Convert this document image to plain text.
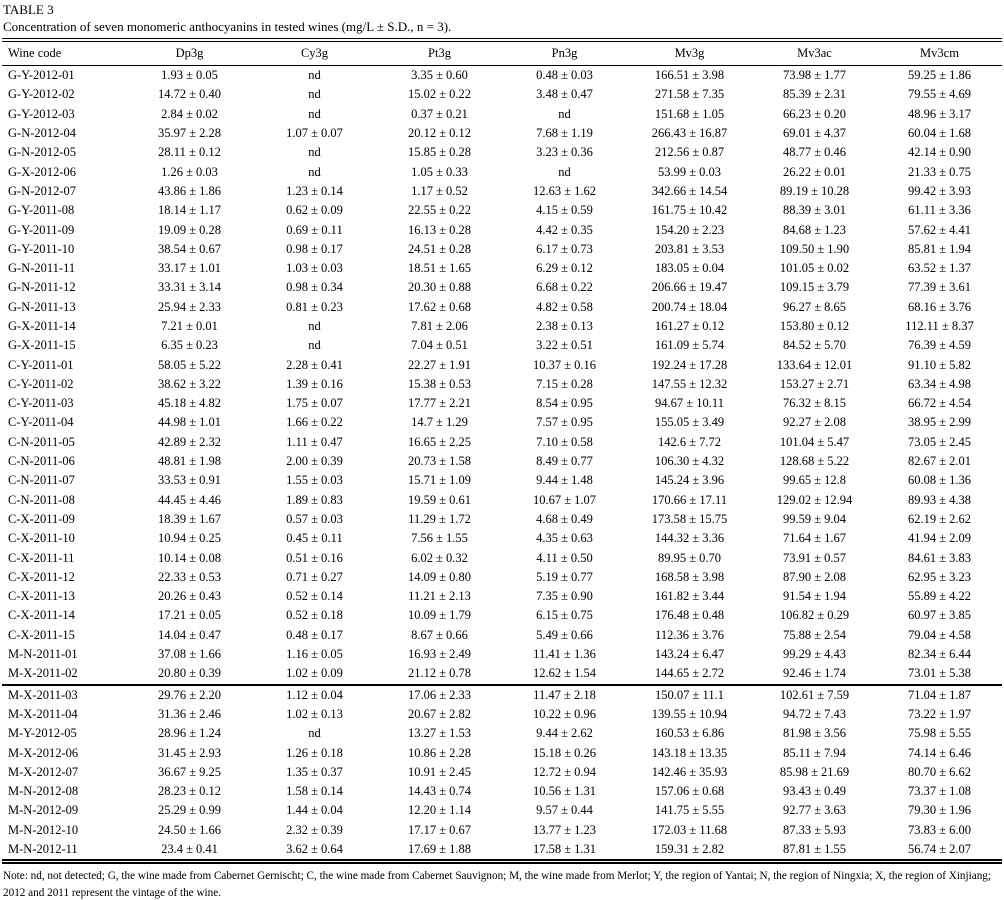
TABLE 3
Concentration of seven monomeric anthocyanins in tested wines (mg/L ± S.D., n = 3).
Wine code	Dp3g	Cy3g	Pt3g	Pn3g	Mv3g	Mv3ac	Mv3cm
G-Y-2012-01	1.93 ± 0.05	nd	3.35 ± 0.60	0.48 ± 0.03	166.51 ± 3.98	73.98 ± 1.77	59.25 ± 1.86
G-Y-2012-02	14.72 ± 0.40	nd	15.02 ± 0.22	3.48 ± 0.47	271.58 ± 7.35	85.39 ± 2.31	79.55 ± 4.69
G-Y-2012-03	2.84 ± 0.02	nd	0.37 ± 0.21	nd	151.68 ± 1.05	66.23 ± 0.20	48.96 ± 3.17
G-N-2012-04	35.97 ± 2.28	1.07 ± 0.07	20.12 ± 0.12	7.68 ± 1.19	266.43 ± 16.87	69.01 ± 4.37	60.04 ± 1.68
G-N-2012-05	28.11 ± 0.12	nd	15.85 ± 0.28	3.23 ± 0.36	212.56 ± 0.87	48.77 ± 0.46	42.14 ± 0.90
G-X-2012-06	1.26 ± 0.03	nd	1.05 ± 0.33	nd	53.99 ± 0.03	26.22 ± 0.01	21.33 ± 0.75
G-N-2012-07	43.86 ± 1.86	1.23 ± 0.14	1.17 ± 0.52	12.63 ± 1.62	342.66 ± 14.54	89.19 ± 10.28	99.42 ± 3.93
G-Y-2011-08	18.14 ± 1.17	0.62 ± 0.09	22.55 ± 0.22	4.15 ± 0.59	161.75 ± 10.42	88.39 ± 3.01	61.11 ± 3.36
G-Y-2011-09	19.09 ± 0.28	0.69 ± 0.11	16.13 ± 0.28	4.42 ± 0.35	154.20 ± 2.23	84.68 ± 1.23	57.62 ± 4.41
G-Y-2011-10	38.54 ± 0.67	0.98 ± 0.17	24.51 ± 0.28	6.17 ± 0.73	203.81 ± 3.53	109.50 ± 1.90	85.81 ± 1.94
G-N-2011-11	33.17 ± 1.01	1.03 ± 0.03	18.51 ± 1.65	6.29 ± 0.12	183.05 ± 0.04	101.05 ± 0.02	63.52 ± 1.37
G-N-2011-12	33.31 ± 3.14	0.98 ± 0.34	20.30 ± 0.88	6.68 ± 0.22	206.66 ± 19.47	109.15 ± 3.79	77.39 ± 3.61
G-N-2011-13	25.94 ± 2.33	0.81 ± 0.23	17.62 ± 0.68	4.82 ± 0.58	200.74 ± 18.04	96.27 ± 8.65	68.16 ± 3.76
G-X-2011-14	7.21 ± 0.01	nd	7.81 ± 2.06	2.38 ± 0.13	161.27 ± 0.12	153.80 ± 0.12	112.11 ± 8.37
G-X-2011-15	6.35 ± 0.23	nd	7.04 ± 0.51	3.22 ± 0.51	161.09 ± 5.74	84.52 ± 5.70	76.39 ± 4.59
C-Y-2011-01	58.05 ± 5.22	2.28 ± 0.41	22.27 ± 1.91	10.37 ± 0.16	192.24 ± 17.28	133.64 ± 12.01	91.10 ± 5.82
C-Y-2011-02	38.62 ± 3.22	1.39 ± 0.16	15.38 ± 0.53	7.15 ± 0.28	147.55 ± 12.32	153.27 ± 2.71	63.34 ± 4.98
C-Y-2011-03	45.18 ± 4.82	1.75 ± 0.07	17.77 ± 2.21	8.54 ± 0.95	94.67 ± 10.11	76.32 ± 8.15	66.72 ± 4.54
C-Y-2011-04	44.98 ± 1.01	1.66 ± 0.22	14.7 ± 1.29	7.57 ± 0.95	155.05 ± 3.49	92.27 ± 2.08	38.95 ± 2.99
C-N-2011-05	42.89 ± 2.32	1.11 ± 0.47	16.65 ± 2.25	7.10 ± 0.58	142.6 ± 7.72	101.04 ± 5.47	73.05 ± 2.45
C-N-2011-06	48.81 ± 1.98	2.00 ± 0.39	20.73 ± 1.58	8.49 ± 0.77	106.30 ± 4.32	128.68 ± 5.22	82.67 ± 2.01
C-N-2011-07	33.53 ± 0.91	1.55 ± 0.03	15.71 ± 1.09	9.44 ± 1.48	145.24 ± 3.96	99.65 ± 12.8	60.08 ± 1.36
C-N-2011-08	44.45 ± 4.46	1.89 ± 0.83	19.59 ± 0.61	10.67 ± 1.07	170.66 ± 17.11	129.02 ± 12.94	89.93 ± 4.38
C-X-2011-09	18.39 ± 1.67	0.57 ± 0.03	11.29 ± 1.72	4.68 ± 0.49	173.58 ± 15.75	99.59 ± 9.04	62.19 ± 2.62
C-X-2011-10	10.94 ± 0.25	0.45 ± 0.11	7.56 ± 1.55	4.35 ± 0.63	144.32 ± 3.36	71.64 ± 1.67	41.94 ± 2.09
C-X-2011-11	10.14 ± 0.08	0.51 ± 0.16	6.02 ± 0.32	4.11 ± 0.50	89.95 ± 0.70	73.91 ± 0.57	84.61 ± 3.83
C-X-2011-12	22.33 ± 0.53	0.71 ± 0.27	14.09 ± 0.80	5.19 ± 0.77	168.58 ± 3.98	87.90 ± 2.08	62.95 ± 3.23
C-X-2011-13	20.26 ± 0.43	0.52 ± 0.14	11.21 ± 2.13	7.35 ± 0.90	161.82 ± 3.44	91.54 ± 1.94	55.89 ± 4.22
C-X-2011-14	17.21 ± 0.05	0.52 ± 0.18	10.09 ± 1.79	6.15 ± 0.75	176.48 ± 0.48	106.82 ± 0.29	60.97 ± 3.85
C-X-2011-15	14.04 ± 0.47	0.48 ± 0.17	8.67 ± 0.66	5.49 ± 0.66	112.36 ± 3.76	75.88 ± 2.54	79.04 ± 4.58
M-N-2011-01	37.08 ± 1.66	1.16 ± 0.05	16.93 ± 2.49	11.41 ± 1.36	143.24 ± 6.47	99.29 ± 4.43	82.34 ± 6.44
M-X-2011-02	20.80 ± 0.39	1.02 ± 0.09	21.12 ± 0.78	12.62 ± 1.54	144.65 ± 2.72	92.46 ± 1.74	73.01 ± 5.38
M-X-2011-03	29.76 ± 2.20	1.12 ± 0.04	17.06 ± 2.33	11.47 ± 2.18	150.07 ± 11.1	102.61 ± 7.59	71.04 ± 1.87
M-X-2011-04	31.36 ± 2.46	1.02 ± 0.13	20.67 ± 2.82	10.22 ± 0.96	139.55 ± 10.94	94.72 ± 7.43	73.22 ± 1.97
M-Y-2012-05	28.96 ± 1.24	nd	13.27 ± 1.53	9.44 ± 2.62	160.53 ± 6.86	81.98 ± 3.56	75.98 ± 5.55
M-X-2012-06	31.45 ± 2.93	1.26 ± 0.18	10.86 ± 2.28	15.18 ± 0.26	143.18 ± 13.35	85.11 ± 7.94	74.14 ± 6.46
M-X-2012-07	36.67 ± 9.25	1.35 ± 0.37	10.91 ± 2.45	12.72 ± 0.94	142.46 ± 35.93	85.98 ± 21.69	80.70 ± 6.62
M-N-2012-08	28.23 ± 0.12	1.58 ± 0.14	14.43 ± 0.74	10.56 ± 1.31	157.06 ± 0.68	93.43 ± 0.49	73.37 ± 1.08
M-N-2012-09	25.29 ± 0.99	1.44 ± 0.04	12.20 ± 1.14	9.57 ± 0.44	141.75 ± 5.55	92.77 ± 3.63	79.30 ± 1.96
M-N-2012-10	24.50 ± 1.66	2.32 ± 0.39	17.17 ± 0.67	13.77 ± 1.23	172.03 ± 11.68	87.33 ± 5.93	73.83 ± 6.00
M-N-2012-11	23.4 ± 0.41	3.62 ± 0.64	17.69 ± 1.88	17.58 ± 1.31	159.31 ± 2.82	87.81 ± 1.55	56.74 ± 2.07
Note: nd, not detected; G, the wine made from Cabernet Gernischt; C, the wine made from Cabernet Sauvignon; M, the wine made from Merlot; Y, the region of Yantai; N, the region of Ningxia; X, the region of Xinjiang; 2012 and 2011 represent the vintage of the wine.
